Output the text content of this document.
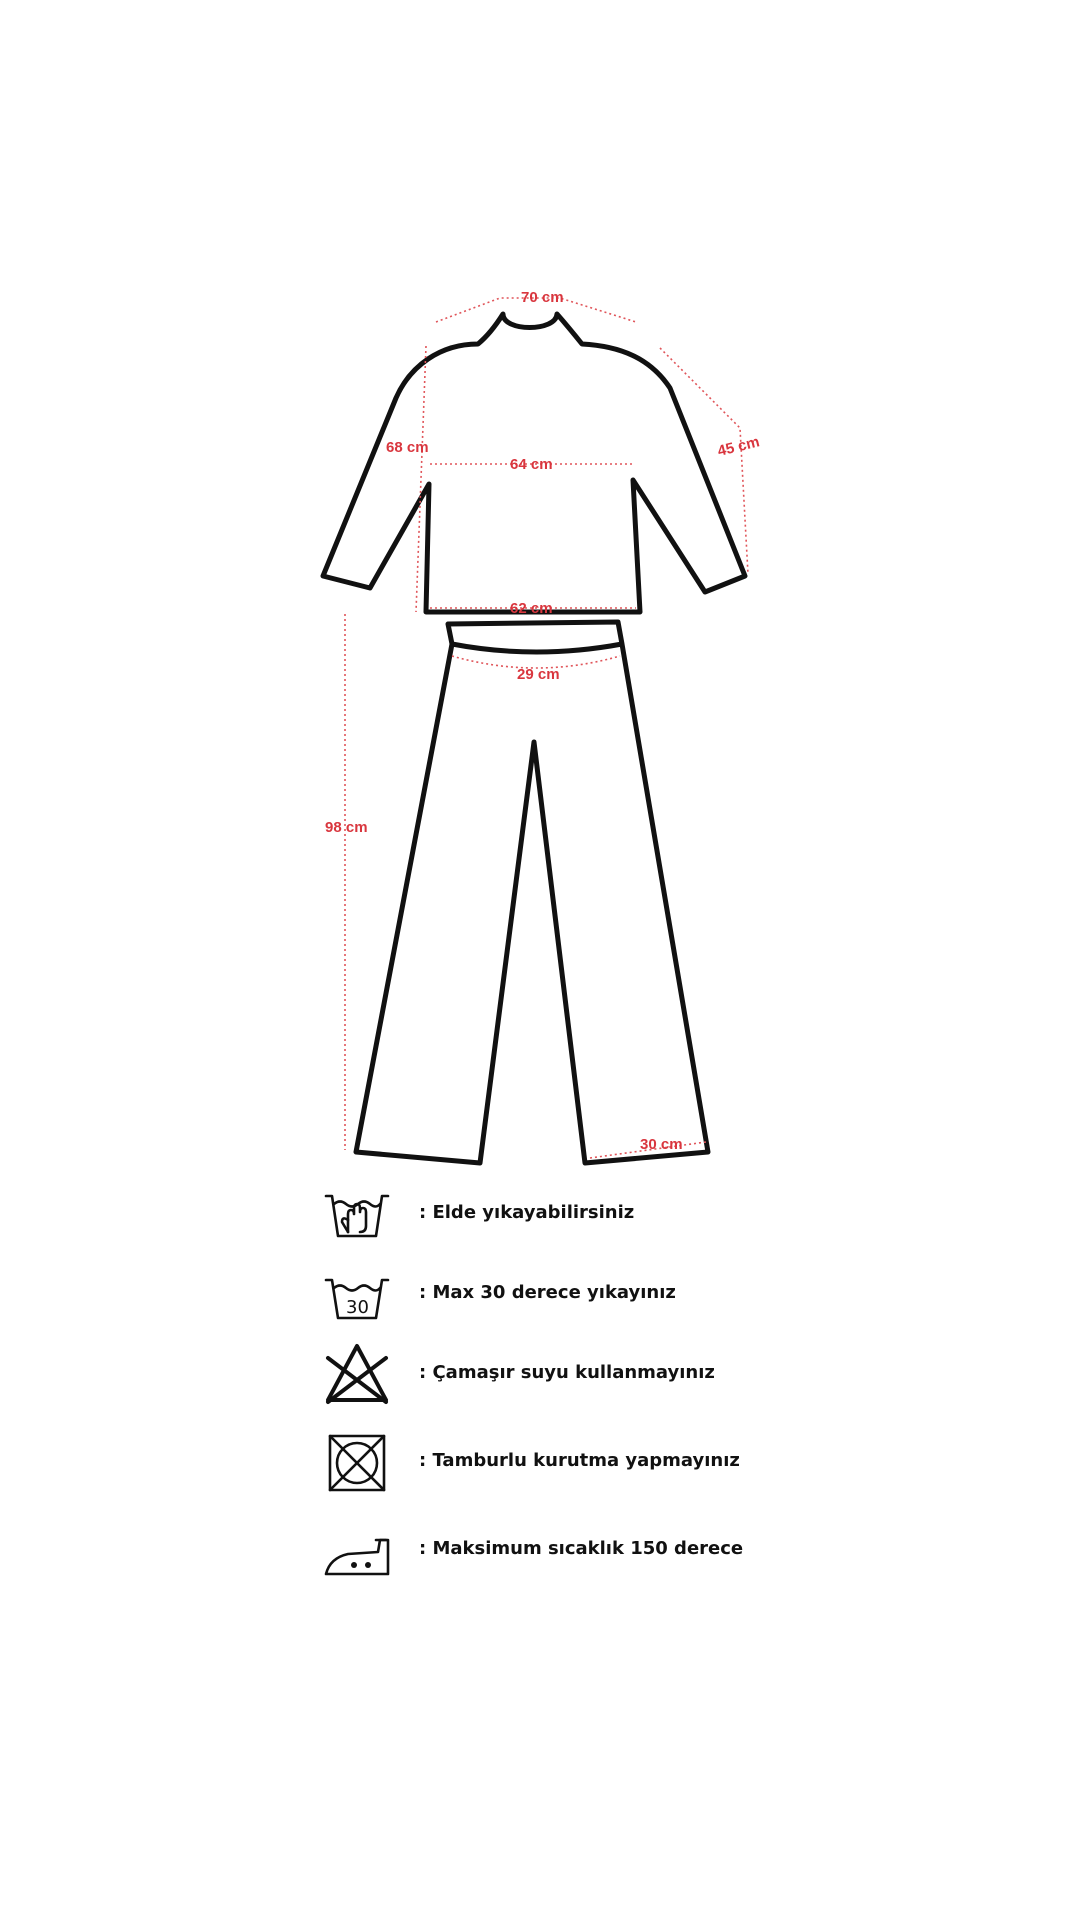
70 cm
68 cm
64 cm
45 cm
62 cm
29 cm
98 cm
30 cm
: Elde yıkayabilirsiniz
30
: Max 30 derece yıkayınız
: Çamaşır suyu kullanmayınız
: Tamburlu kurutma yapmayınız
: Maksimum sıcaklık 150 derece
